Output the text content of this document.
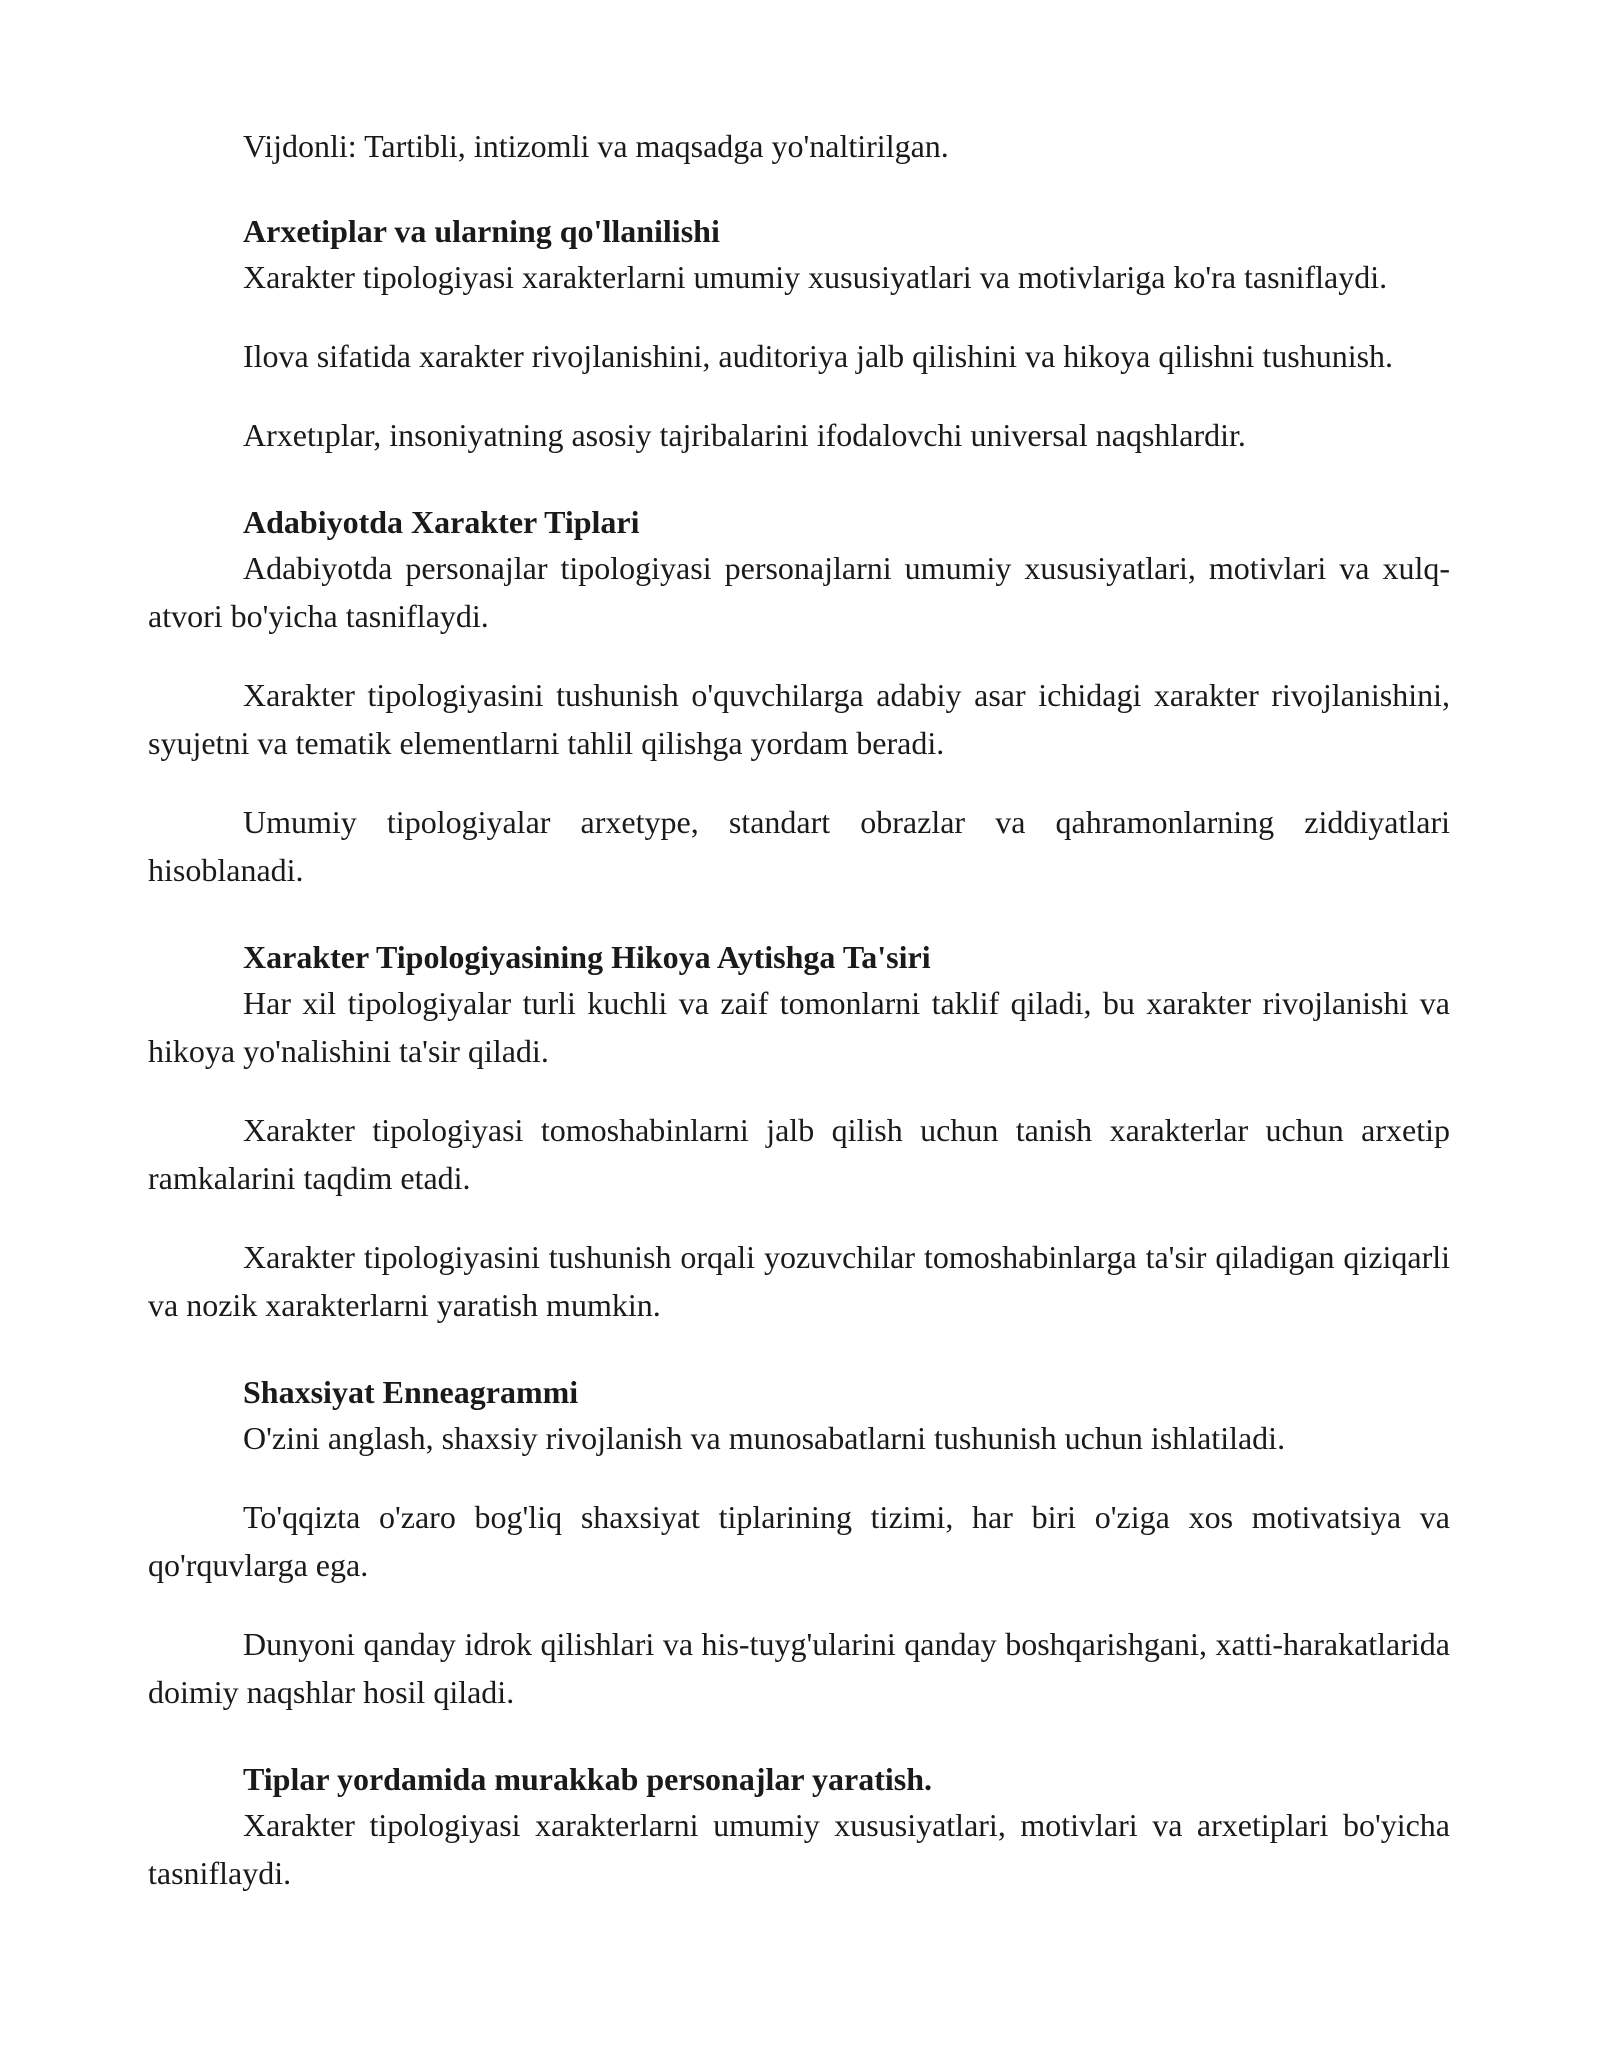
Vijdonli: Tartibli, intizomli va maqsadga yo'naltirilgan.

Arxetiplar va ularning qo'llanilishi

Xarakter tipologiyasi xarakterlarni umumiy xususiyatlari va motivlariga ko'ra tasniflaydi.

Ilova sifatida xarakter rivojlanishini, auditoriya jalb qilishini va hikoya qilishni tushunish.

Arxetıplar, insoniyatning asosiy tajribalarini ifodalovchi universal naqshlardir.

Adabiyotda Xarakter Tiplari

Adabiyotda personajlar tipologiyasi personajlarni umumiy xususiyatlari, motivlari va xulq-atvori bo'yicha tasniflaydi.

Xarakter tipologiyasini tushunish o'quvchilarga adabiy asar ichidagi xarakter rivojlanishini, syujetni va tematik elementlarni tahlil qilishga yordam beradi.

Umumiy tipologiyalar arxetype, standart obrazlar va qahramonlarning ziddiyatlari hisoblanadi.

Xarakter Tipologiyasining Hikoya Aytishga Ta'siri

Har xil tipologiyalar turli kuchli va zaif tomonlarni taklif qiladi, bu xarakter rivojlanishi va hikoya yo'nalishini ta'sir qiladi.

Xarakter tipologiyasi tomoshabinlarni jalb qilish uchun tanish xarakterlar uchun arxetip ramkalarini taqdim etadi.

Xarakter tipologiyasini tushunish orqali yozuvchilar tomoshabinlarga ta'sir qiladigan qiziqarli va nozik xarakterlarni yaratish mumkin.

Shaxsiyat Enneagrammi

O'zini anglash, shaxsiy rivojlanish va munosabatlarni tushunish uchun ishlatiladi.

To'qqizta o'zaro bog'liq shaxsiyat tiplarining tizimi, har biri o'ziga xos motivatsiya va qo'rquvlarga ega.

Dunyoni qanday idrok qilishlari va his-tuyg'ularini qanday boshqarishgani, xatti-harakatlarida doimiy naqshlar hosil qiladi.

Tiplar yordamida murakkab personajlar yaratish.

Xarakter tipologiyasi xarakterlarni umumiy xususiyatlari, motivlari va arxetiplari bo'yicha tasniflaydi.
